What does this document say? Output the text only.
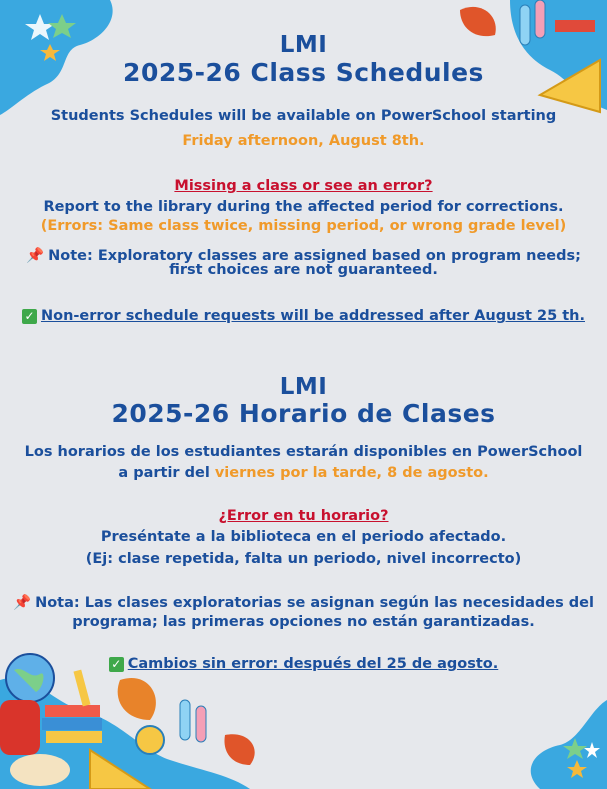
LMI
2025-26 Class Schedules
Students Schedules will be available on PowerSchool starting
Friday afternoon, August 8th.
Missing a class or see an error?
Report to the library during the affected period for corrections.
(Errors: Same class twice, missing period, or wrong grade level)
📌 Note: Exploratory classes are assigned based on program needs;
first choices are not guaranteed.
✓ Non-error schedule requests will be addressed after August 25 th.
LMI
2025-26 Horario de Clases
Los horarios de los estudiantes estarán disponibles en PowerSchool
a partir del viernes por la tarde, 8 de agosto.
¿Error en tu horario?
Preséntate a la biblioteca en el periodo afectado.
(Ej: clase repetida, falta un periodo, nivel incorrecto)
📌 Nota: Las clases exploratorias se asignan según las necesidades del
programa; las primeras opciones no están garantizadas.
✓ Cambios sin error: después del 25 de agosto.
